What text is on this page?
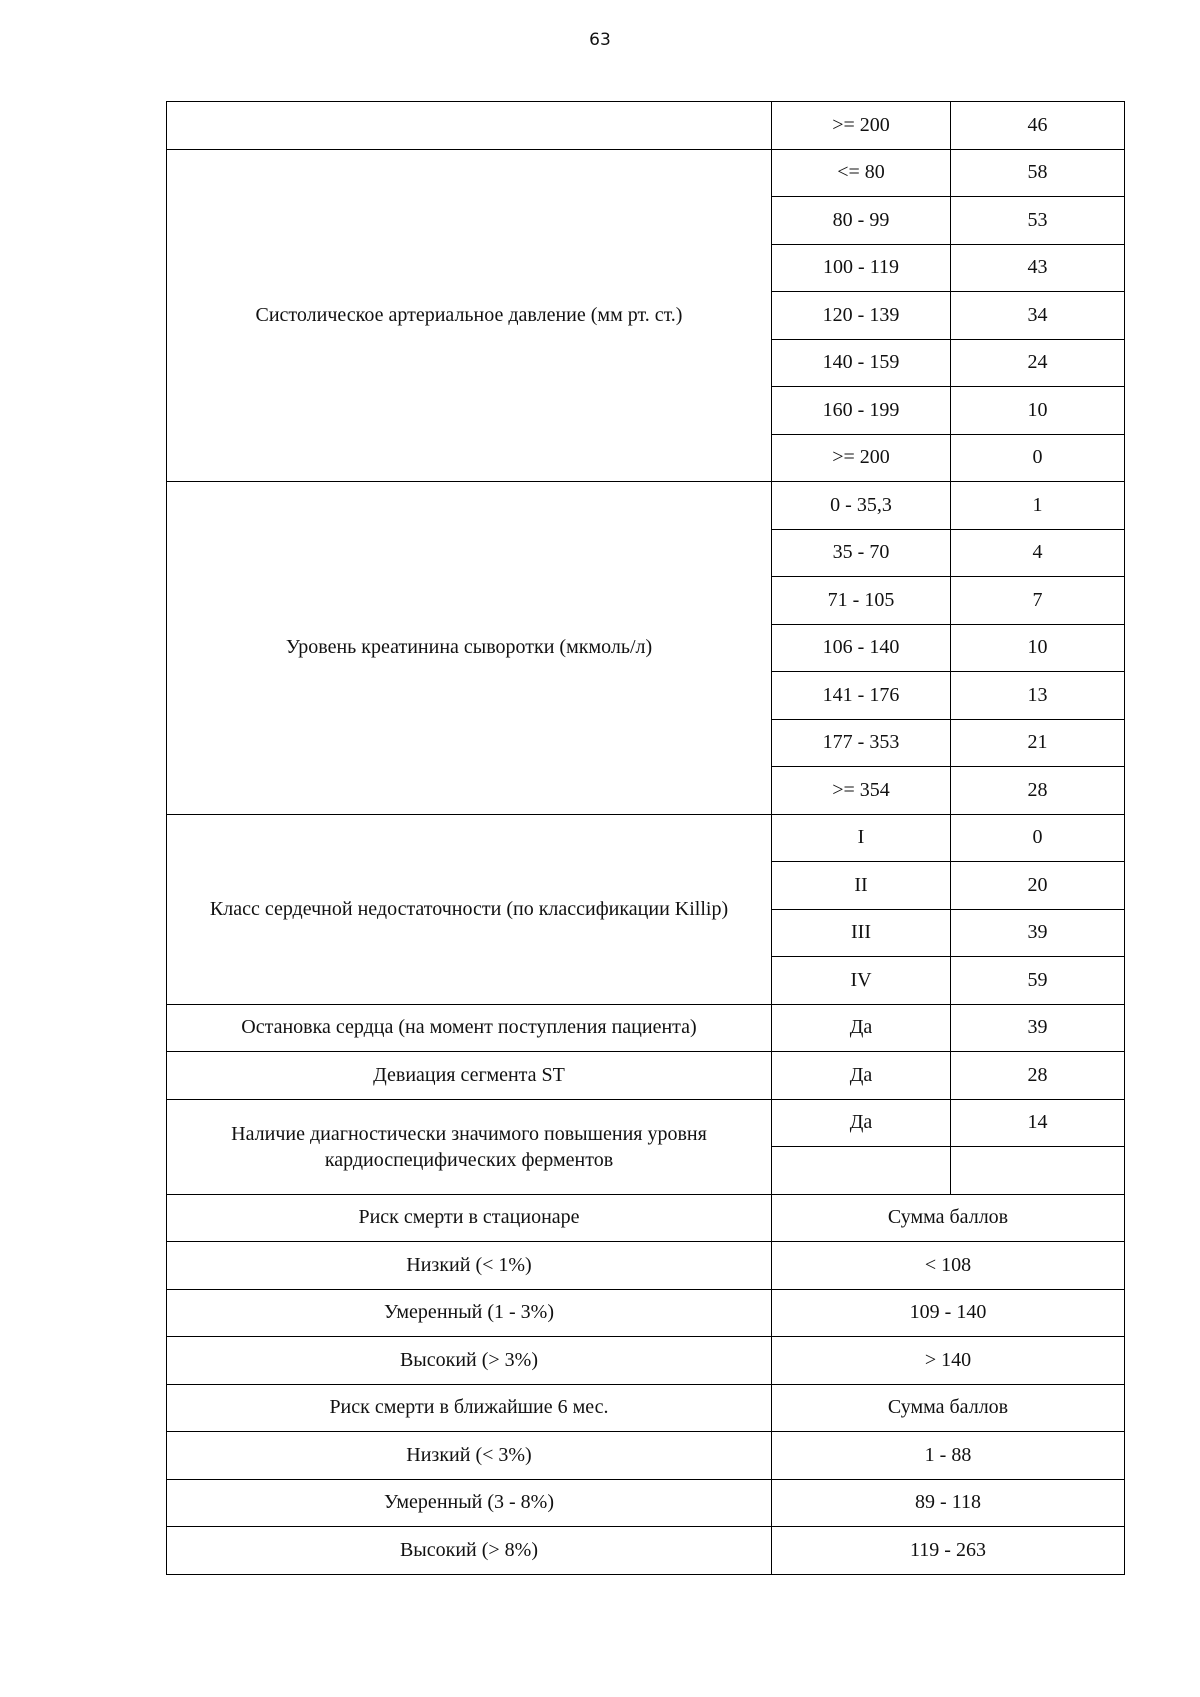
63
	>= 200	46
Систолическое артериальное давление (мм рт. ст.)	<= 80	58
	80 - 99	53
	100 - 119	43
	120 - 139	34
	140 - 159	24
	160 - 199	10
	>= 200	0
Уровень креатинина сыворотки (мкмоль/л)	0 - 35,3	1
	35 - 70	4
	71 - 105	7
	106 - 140	10
	141 - 176	13
	177 - 353	21
	>= 354	28
Класс сердечной недостаточности (по классификации Killip)	I	0
	II	20
	III	39
	IV	59
Остановка сердца (на момент поступления пациента)	Да	39
Девиация сегмента ST	Да	28
Наличие диагностически значимого повышения уровня
кардиоспецифических ферментов	Да	14

Риск смерти в стационаре	Сумма баллов	
Низкий (< 1%)	< 108	
Умеренный (1 - 3%)	109 - 140	
Высокий (> 3%)	> 140	
Риск смерти в ближайшие 6 мес.	Сумма баллов	
Низкий (< 3%)	1 - 88	
Умеренный (3 - 8%)	89 - 118	
Высокий (> 8%)	119 - 263	
